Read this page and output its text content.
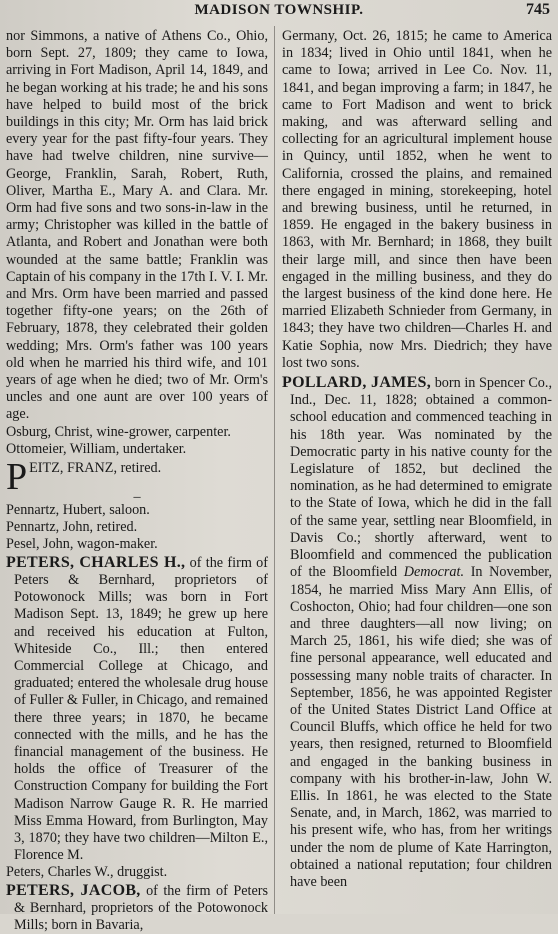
MADISON TOWNSHIP.	745

nor Simmons, a native of Athens Co., Ohio, born Sept. 27, 1809; they came to Iowa, arriving in Fort Madison, April 14, 1849, and he began working at his trade; he and his sons have helped to build most of the brick buildings in this city; Mr. Orm has laid brick every year for the past fifty-four years. They have had twelve children, nine survive—George, Franklin, Sarah, Robert, Ruth, Oliver, Martha E., Mary A. and Clara. Mr. Orm had five sons and two sons-in-law in the army; Christopher was killed in the battle of Atlanta, and Robert and Jonathan were both wounded at the same battle; Franklin was Captain of his company in the 17th I. V. I. Mr. and Mrs. Orm have been married and passed together fifty-one years; on the 26th of February, 1878, they celebrated their golden wedding; Mrs. Orm's father was 100 years old when he married his third wife, and 101 years of age when he died; two of Mr. Orm's uncles and one aunt are over 100 years of age.

Osburg, Christ, wine-grower, carpenter.

Ottomeier, William, undertaker.

P EITZ, FRANZ, retired.

–

Pennartz, Hubert, saloon.

Pennartz, John, retired.

Pesel, John, wagon-maker.

PETERS, CHARLES H., of the firm of Peters & Bernhard, proprietors of Potowonock Mills; was born in Fort Madison Sept. 13, 1849; he grew up here and received his education at Fulton, Whiteside Co., Ill.; then entered Commercial College at Chicago, and graduated; entered the wholesale drug house of Fuller & Fuller, in Chicago, and remained there three years; in 1870, he became connected with the mills, and he has the financial management of the business. He holds the office of Treasurer of the Construction Company for building the Fort Madison Narrow Gauge R. R. He married Miss Emma Howard, from Burlington, May 3, 1870; they have two children—Milton E., Florence M.

Peters, Charles W., druggist.

PETERS, JACOB, of the firm of Peters & Bernhard, proprietors of the Potowonock Mills; born in Bavaria,

Germany, Oct. 26, 1815; he came to America in 1834; lived in Ohio until 1841, when he came to Iowa; arrived in Lee Co. Nov. 11, 1841, and began improving a farm; in 1847, he came to Fort Madison and went to brick making, and was afterward selling and collecting for an agricultural implement house in Quincy, until 1852, when he went to California, crossed the plains, and remained there engaged in mining, storekeeping, hotel and brewing business, until he returned, in 1859. He engaged in the bakery business in 1863, with Mr. Bernhard; in 1868, they built their large mill, and since then have been engaged in the milling business, and they do the largest business of the kind done here. He married Elizabeth Schnieder from Germany, in 1843; they have two children—Charles H. and Katie Sophia, now Mrs. Diedrich; they have lost two sons.

POLLARD, JAMES, born in Spencer Co., Ind., Dec. 11, 1828; obtained a common-school education and commenced teaching in his 18th year. Was nominated by the Democratic party in his native county for the Legislature of 1852, but declined the nomination, as he had determined to emigrate to the State of Iowa, which he did in the fall of the same year, settling near Bloomfield, in Davis Co.; shortly afterward, went to Bloomfield and commenced the publication of the Bloomfield Democrat. In November, 1854, he married Miss Mary Ann Ellis, of Coshocton, Ohio; had four children—one son and three daughters—all now living; on March 25, 1861, his wife died; she was of fine personal appearance, well educated and possessing many noble traits of character. In September, 1856, he was appointed Register of the United States District Land Office at Council Bluffs, which office he held for two years, then resigned, returned to Bloomfield and engaged in the banking business in company with his brother-in-law, John W. Ellis. In 1861, he was elected to the State Senate, and, in March, 1862, was married to his present wife, who has, from her writings under the nom de plume of Kate Harrington, obtained a national reputation; four children have been
